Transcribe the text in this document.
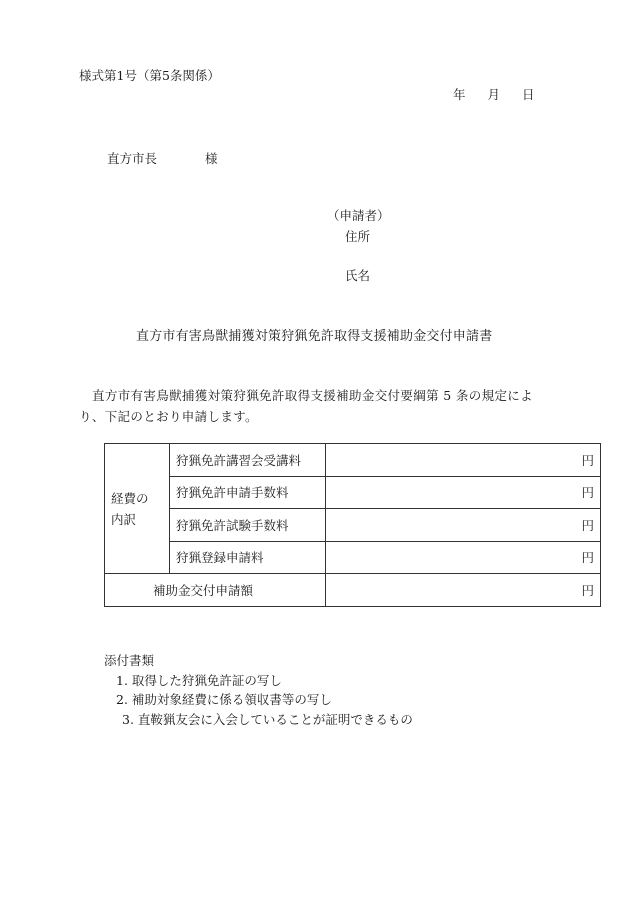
様式第1号（第5条関係）
年 月 日
直方市長	様
（申請者）
住所
氏名
直方市有害鳥獣捕獲対策狩猟免許取得支援補助金交付申請書
直方市有害鳥獣捕獲対策狩猟免許取得支援補助金交付要綱第 5 条の規定により、下記のとおり申請します。
経費の
内訳	狩猟免許講習会受講料	円
	狩猟免許申請手数料	円
	狩猟免許試験手数料	円
	狩猟登録申請料	円
補助金交付申請額		円
添付書類
1. 取得した狩猟免許証の写し
2. 補助対象経費に係る領収書等の写し
3. 直鞍猟友会に入会していることが証明できるもの
